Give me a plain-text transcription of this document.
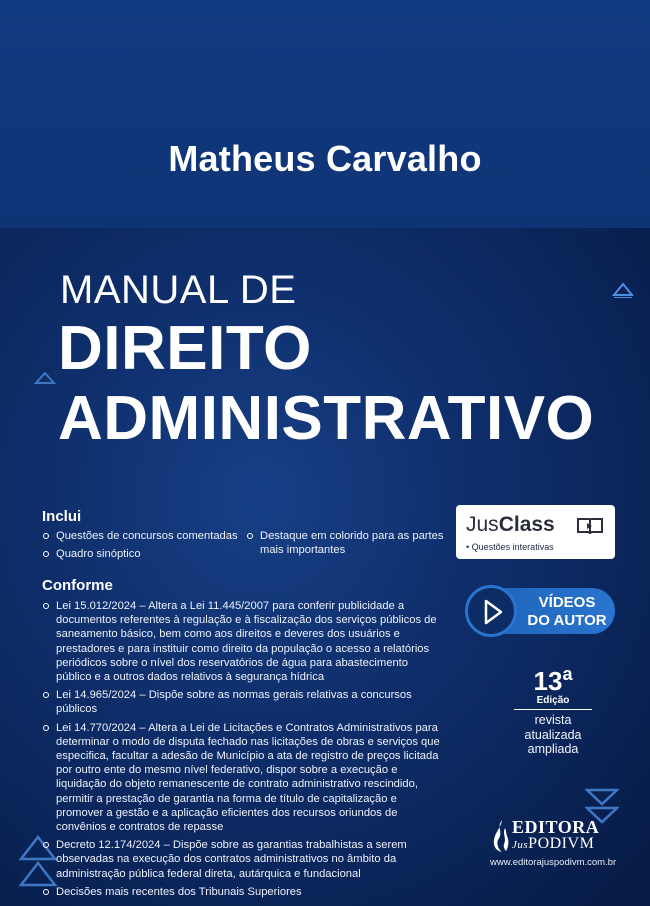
Matheus Carvalho
MANUAL DE
DIREITO
ADMINISTRATIVO
Inclui
Questões de concursos comentadas
Quadro sinóptico
Destaque em colorido para as partes mais importantes
Conforme
Lei 15.012/2024 – Altera a Lei 11.445/2007 para conferir publicidade a documentos referentes à regulação e à fiscalização dos serviços públicos de saneamento básico, bem como aos direitos e deveres dos usuários e prestadores e para instituir como direito da população o acesso a relatórios periódicos sobre o nível dos reservatórios de água para abastecimento público e a outros dados relativos à segurança hídrica
Lei 14.965/2024 – Dispõe sobre as normas gerais relativas a concursos públicos
Lei 14.770/2024 – Altera a Lei de Licitações e Contratos Administrativos para determinar o modo de disputa fechado nas licitações de obras e serviços que especifica, facultar a adesão de Município a ata de registro de preços licitada por outro ente do mesmo nível federativo, dispor sobre a execução e liquidação do objeto remanescente de contrato administrativo rescindido, permitir a prestação de garantia na forma de título de capitalização e promover a gestão e a aplicação eficientes dos recursos oriundos de convênios e contratos de repasse
Decreto 12.174/2024 – Dispõe sobre as garantias trabalhistas a serem observadas na execução dos contratos administrativos no âmbito da administração pública federal direta, autárquica e fundacional
Decisões mais recentes dos Tribunais Superiores
JusClass
• Questões interativas
VÍDEOS
DO AUTOR
13$^a$
Edição
revista
atualizada
ampliada
EDITORA
JusPODIVM
www.editorajuspodivm.com.br
